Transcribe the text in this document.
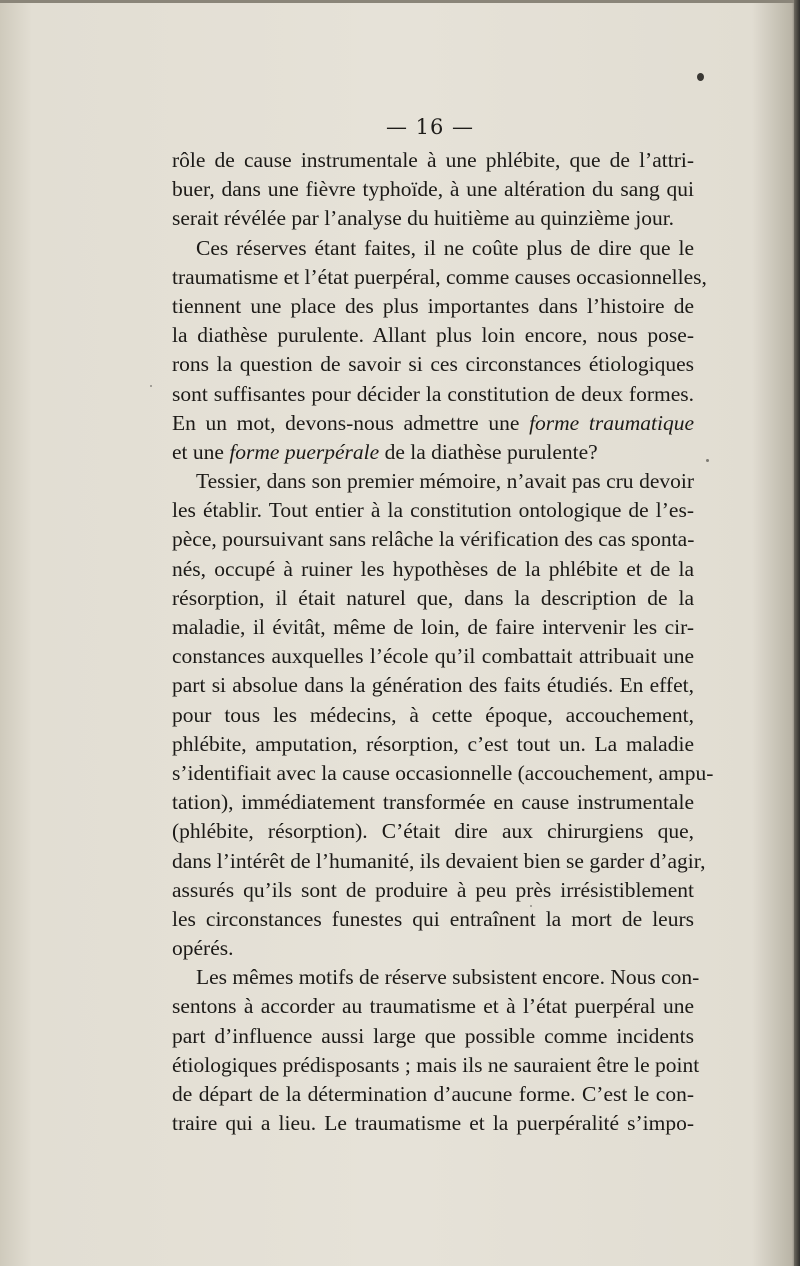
— 16 —
rôle de cause instrumentale à une phlébite, que de l’attri-
buer, dans une fièvre typhoïde, à une altération du sang qui
serait révélée par l’analyse du huitième au quinzième jour.
Ces réserves étant faites, il ne coûte plus de dire que le
traumatisme et l’état puerpéral, comme causes occasionnelles,
tiennent une place des plus importantes dans l’histoire de
la diathèse purulente. Allant plus loin encore, nous pose-
rons la question de savoir si ces circonstances étiologiques
sont suffisantes pour décider la constitution de deux formes.
En un mot, devons-nous admettre une forme traumatique
et une forme puerpérale de la diathèse purulente?
Tessier, dans son premier mémoire, n’avait pas cru devoir
les établir. Tout entier à la constitution ontologique de l’es-
pèce, poursuivant sans relâche la vérification des cas sponta-
nés, occupé à ruiner les hypothèses de la phlébite et de la
résorption, il était naturel que, dans la description de la
maladie, il évitât, même de loin, de faire intervenir les cir-
constances auxquelles l’école qu’il combattait attribuait une
part si absolue dans la génération des faits étudiés. En effet,
pour tous les médecins, à cette époque, accouchement,
phlébite, amputation, résorption, c’est tout un. La maladie
s’identifiait avec la cause occasionnelle (accouchement, ampu-
tation), immédiatement transformée en cause instrumentale
(phlébite, résorption). C’était dire aux chirurgiens que,
dans l’intérêt de l’humanité, ils devaient bien se garder d’agir,
assurés qu’ils sont de produire à peu près irrésistiblement
les circonstances funestes qui entraînent la mort de leurs
opérés.
Les mêmes motifs de réserve subsistent encore. Nous con-
sentons à accorder au traumatisme et à l’état puerpéral une
part d’influence aussi large que possible comme incidents
étiologiques prédisposants ; mais ils ne sauraient être le point
de départ de la détermination d’aucune forme. C’est le con-
traire qui a lieu. Le traumatisme et la puerpéralité s’impo-
